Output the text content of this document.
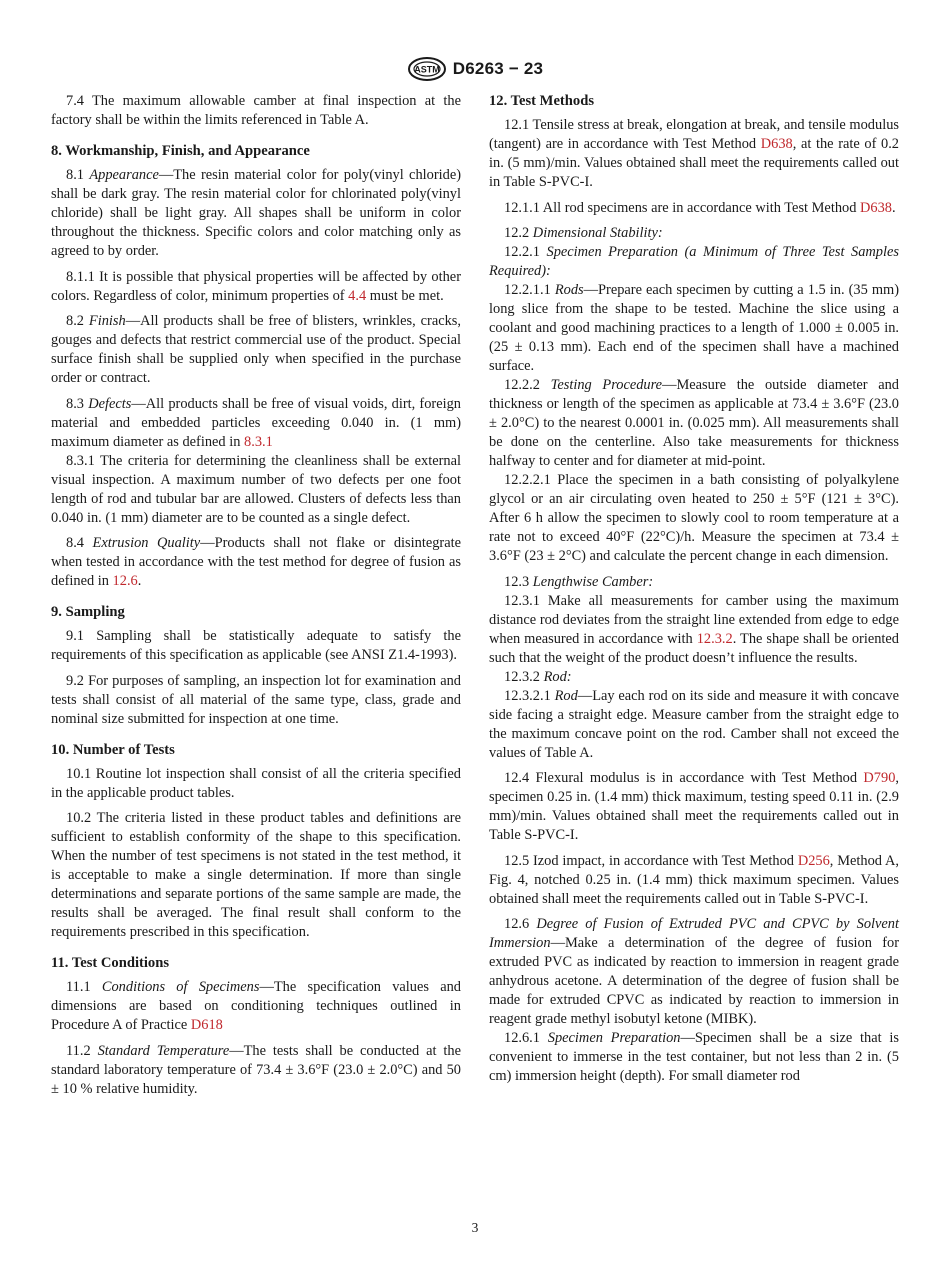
ASTM D6263 − 23

7.4 The maximum allowable camber at final inspection at the factory shall be within the limits referenced in Table A.

8. Workmanship, Finish, and Appearance

8.1 Appearance—The resin material color for poly(vinyl chloride) shall be dark gray. The resin material color for chlorinated poly(vinyl chloride) shall be light gray. All shapes shall be uniform in color throughout the thickness. Specific colors and color matching only as agreed to by order.

8.1.1 It is possible that physical properties will be affected by other colors. Regardless of color, minimum properties of 4.4 must be met.

8.2 Finish—All products shall be free of blisters, wrinkles, cracks, gouges and defects that restrict commercial use of the product. Special surface finish shall be supplied only when specified in the purchase order or contract.

8.3 Defects—All products shall be free of visual voids, dirt, foreign material and embedded particles exceeding 0.040 in. (1 mm) maximum diameter as defined in 8.3.1

8.3.1 The criteria for determining the cleanliness shall be external visual inspection. A maximum number of two defects per one foot length of rod and tubular bar are allowed. Clusters of defects less than 0.040 in. (1 mm) diameter are to be counted as a single defect.

8.4 Extrusion Quality—Products shall not flake or disintegrate when tested in accordance with the test method for degree of fusion as defined in 12.6.

9. Sampling

9.1 Sampling shall be statistically adequate to satisfy the requirements of this specification as applicable (see ANSI Z1.4-1993).

9.2 For purposes of sampling, an inspection lot for examination and tests shall consist of all material of the same type, class, grade and nominal size submitted for inspection at one time.

10. Number of Tests

10.1 Routine lot inspection shall consist of all the criteria specified in the applicable product tables.

10.2 The criteria listed in these product tables and definitions are sufficient to establish conformity of the shape to this specification. When the number of test specimens is not stated in the test method, it is acceptable to make a single determination. If more than single determinations and separate portions of the same sample are made, the results shall be averaged. The final result shall conform to the requirements prescribed in this specification.

11. Test Conditions

11.1 Conditions of Specimens—The specification values and dimensions are based on conditioning techniques outlined in Procedure A of Practice D618

11.2 Standard Temperature—The tests shall be conducted at the standard laboratory temperature of 73.4 ± 3.6°F (23.0 ± 2.0°C) and 50 ± 10 % relative humidity.

12. Test Methods

12.1 Tensile stress at break, elongation at break, and tensile modulus (tangent) are in accordance with Test Method D638, at the rate of 0.2 in. (5 mm)/min. Values obtained shall meet the requirements called out in Table S-PVC-I.

12.1.1 All rod specimens are in accordance with Test Method D638.

12.2 Dimensional Stability:

12.2.1 Specimen Preparation (a Minimum of Three Test Samples Required):

12.2.1.1 Rods—Prepare each specimen by cutting a 1.5 in. (35 mm) long slice from the shape to be tested. Machine the slice using a coolant and good machining practices to a length of 1.000 ± 0.005 in. (25 ± 0.13 mm). Each end of the specimen shall have a machined surface.

12.2.2 Testing Procedure—Measure the outside diameter and thickness or length of the specimen as applicable at 73.4 ± 3.6°F (23.0 ± 2.0°C) to the nearest 0.0001 in. (0.025 mm). All measurements shall be done on the centerline. Also take measurements for thickness halfway to center and for diameter at mid-point.

12.2.2.1 Place the specimen in a bath consisting of polyalkylene glycol or an air circulating oven heated to 250 ± 5°F (121 ± 3°C). After 6 h allow the specimen to slowly cool to room temperature at a rate not to exceed 40°F (22°C)/h. Measure the specimen at 73.4 ± 3.6°F (23 ± 2°C) and calculate the percent change in each dimension.

12.3 Lengthwise Camber:

12.3.1 Make all measurements for camber using the maximum distance rod deviates from the straight line extended from edge to edge when measured in accordance with 12.3.2. The shape shall be oriented such that the weight of the product doesn’t influence the results.

12.3.2 Rod:

12.3.2.1 Rod—Lay each rod on its side and measure it with concave side facing a straight edge. Measure camber from the straight edge to the maximum concave point on the rod. Camber shall not exceed the values of Table A.

12.4 Flexural modulus is in accordance with Test Method D790, specimen 0.25 in. (1.4 mm) thick maximum, testing speed 0.11 in. (2.9 mm)/min. Values obtained shall meet the requirements called out in Table S-PVC-I.

12.5 Izod impact, in accordance with Test Method D256, Method A, Fig. 4, notched 0.25 in. (1.4 mm) thick maximum specimen. Values obtained shall meet the requirements called out in Table S-PVC-I.

12.6 Degree of Fusion of Extruded PVC and CPVC by Solvent Immersion—Make a determination of the degree of fusion for extruded PVC as indicated by reaction to immersion in reagent grade anhydrous acetone. A determination of the degree of fusion shall be made for extruded CPVC as indicated by reaction to immersion in reagent grade methyl isobutyl ketone (MIBK).

12.6.1 Specimen Preparation—Specimen shall be a size that is convenient to immerse in the test container, but not less than 2 in. (5 cm) immersion height (depth). For small diameter rod

3
